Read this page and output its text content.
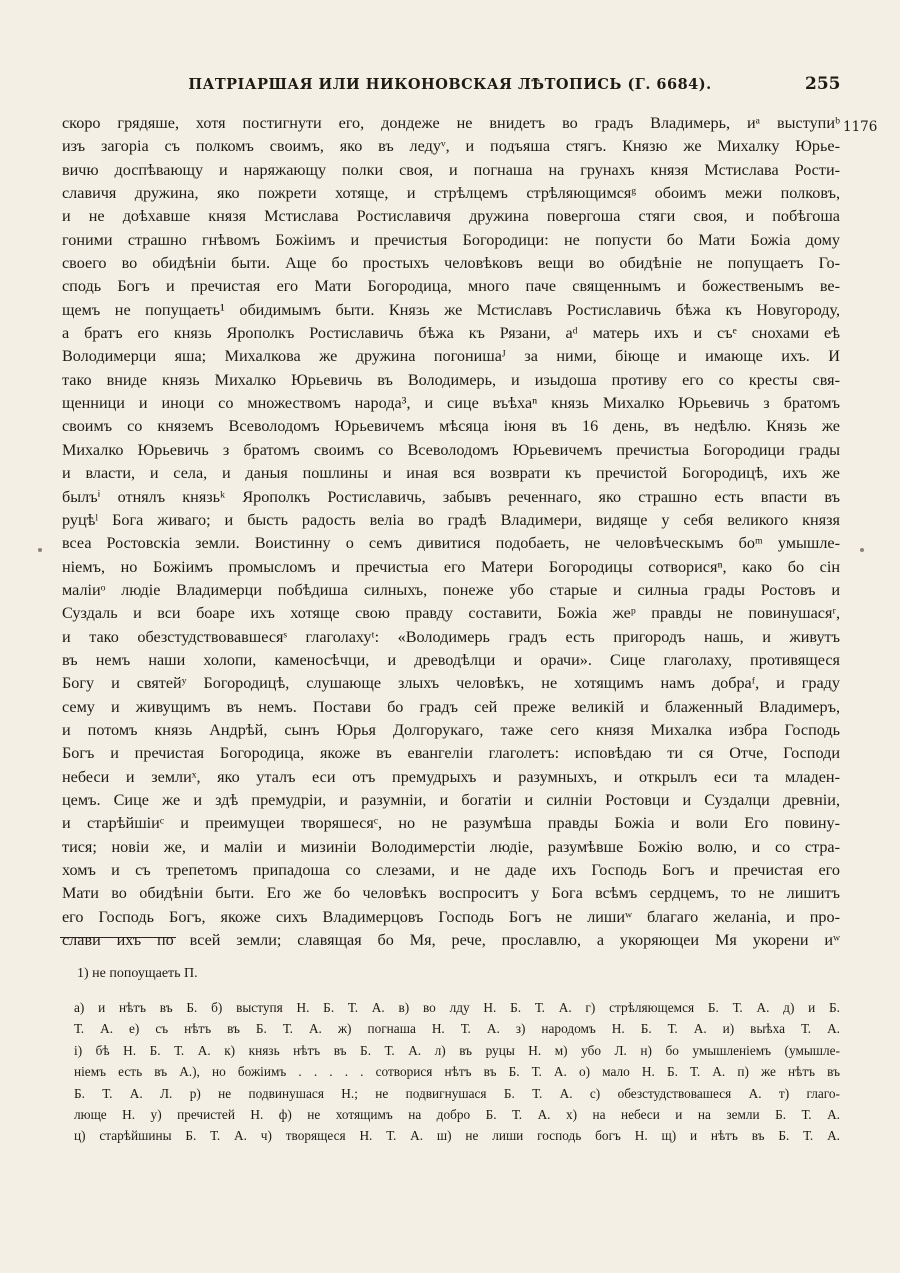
ПАТРІАРШАЯ ИЛИ НИКОНОВСКАЯ ЛѢТОПИСЬ (Г. 6684).	255
1176
скоро грядяше, хотя постигнути его, дондеже не внидетъ во градъ Владимерь, иᵃ выступиᵇ
изъ загоріа съ полкомъ своимъ, яко въ ледуᵛ, и подъяша стягъ. Князю же Михалку Юрье-
вичю доспѣвающу и наряжающу полки своя, и погнаша на грунахъ князя Мстислава Рости-
славичя дружина, яко пожрети хотяще, и стрѣлцемъ стрѣляющимсяᵍ обоимъ межи полковъ,
и не доѣхавше князя Мстислава Ростиславичя дружина повергоша стяги своя, и побѣгоша
гоними страшно гнѣвомъ Божіимъ и пречистыя Богородици: не попусти бо Мати Божіа дому
своего во обидѣніи быти. Аще бо простыхъ человѣковъ вещи во обидѣніе не попущаетъ Го-
сподь Богъ и пречистая его Мати Богородица, много паче священнымъ и божественымъ ве-
щемъ не попущаеть¹ обидимымъ быти. Князь же Мстиславъ Ростиславичь бѣжа къ Новугороду,
а братъ его князь Ярополкъ Ростиславичь бѣжа къ Рязани, аᵈ матерь ихъ и съᵉ снохами еѣ
Володимерци яша; Михалкова же дружина погонишаᴶ за ними, біюще и имающе ихъ. И
тако вниде князь Михалко Юрьевичь въ Володимерь, и изыдоша противу его со кресты свя-
щенници и иноци со множествомъ народа³, и сице въѣхаⁿ князь Михалко Юрьевичь з братомъ
своимъ со княземъ Всеволодомъ Юрьевичемъ мѣсяца іюня въ 16 день, въ недѣлю. Князь же
Михалко Юрьевичь з братомъ своимъ со Всеволодомъ Юрьевичемъ пречистыа Богородици грады
и власти, и села, и даныя пошлины и иная вся возврати къ пречистой Богородицѣ, ихъ же
былъⁱ отнялъ князьᵏ Ярополкъ Ростиславичь, забывъ реченнаго, яко страшно есть впасти въ
руцѣˡ Бога живаго; и бысть радость веліа во градѣ Владимери, видяще у себя великого князя
всеа Ростовскіа земли. Воистинну о семъ дивитися подобаеть, не человѣческымъ боᵐ умышле-
ніемъ, но Божіимъ промысломъ и пречистыа его Матери Богородицы сотворисяⁿ, како бо сін
маліиᵒ людіе Владимерци побѣдиша силныхъ, понеже убо старые и силныа грады Ростовъ и
Суздаль и вси боаре ихъ хотяще свою правду составити, Божіа жеᵖ правды не повинушасяʳ,
и тако обезстудствовавшесяˢ глаголахуᵗ: «Володимерь градъ есть пригородъ нашь, и живутъ
въ немъ наши холопи, каменосѣчци, и древодѣлци и орачи». Сице глаголаху, противящеся
Богу и святейʸ Богородицѣ, слушающе злыхъ человѣкъ, не хотящимъ намъ добраᶠ, и граду
сему и живущимъ въ немъ. Постави бо градъ сей преже великій и блаженный Владимеръ,
и потомъ князь Андрѣй, сынъ Юрья Долгорукаго, таже сего князя Михалка избра Господь
Богъ и пречистая Богородица, якоже въ евангеліи глаголетъ: исповѣдаю ти ся Отче, Господи
небеси и землиˣ, яко уталъ еси отъ премудрыхъ и разумныхъ, и открылъ еси та младен-
цемъ. Сице же и здѣ премудріи, и разумніи, и богатіи и силніи Ростовци и Суздалци древніи,
и старѣйшіиᶜ и преимущеи творяшесяᶜ, но не разумѣша правды Божіа и воли Его повину-
тися; новіи же, и маліи и мизиніи Володимерстіи людіе, разумѣвше Божію волю, и со стра-
хомъ и съ трепетомъ припадоша со слезами, и не даде ихъ Господь Богъ и пречистая его
Мати во обидѣніи быти. Его же бо человѣкъ воспроситъ у Бога всѣмъ сердцемъ, то не лишитъ
его Господь Богъ, якоже сихъ Владимерцовъ Господь Богъ не лишиʷ благаго желаніа, и про-
слави ихъ по всей земли; славящая бо Мя, рече, прославлю, а укоряющеи Мя укорени иʷ
1) не попоущаеть П.
а) и нѣтъ въ Б. б) выступя Н. Б. Т. А. в) во лду Н. Б. Т. А. г) стрѣляющемся Б. Т. А. д) и Б.
Т. А. е) съ нѣтъ въ Б. Т. А. ж) погнаша Н. Т. А. з) народомъ Н. Б. Т. А. и) выѣха Т. А.
і) бѣ Н. Б. Т. А. к) князь нѣтъ въ Б. Т. А. л) въ руцы Н. м) убо Л. н) бо умышленіемъ (умышле-
ніемъ есть въ А.), но божіимъ . . . . . сотворися нѣтъ въ Б. Т. А. о) мало Н. Б. Т. А. п) же нѣтъ въ
Б. Т. А. Л. р) не подвинушася Н.; не подвигнушася Б. Т. А. с) обезстудствовашеся А. т) глаго-
люще Н. у) пречистей Н. ф) не хотящимъ на добро Б. Т. А. х) на небеси и на земли Б. Т. А.
ц) старѣйшины Б. Т. А. ч) творящеся Н. Т. А. ш) не лиши господь богъ Н. щ) и нѣтъ въ Б. Т. А.
